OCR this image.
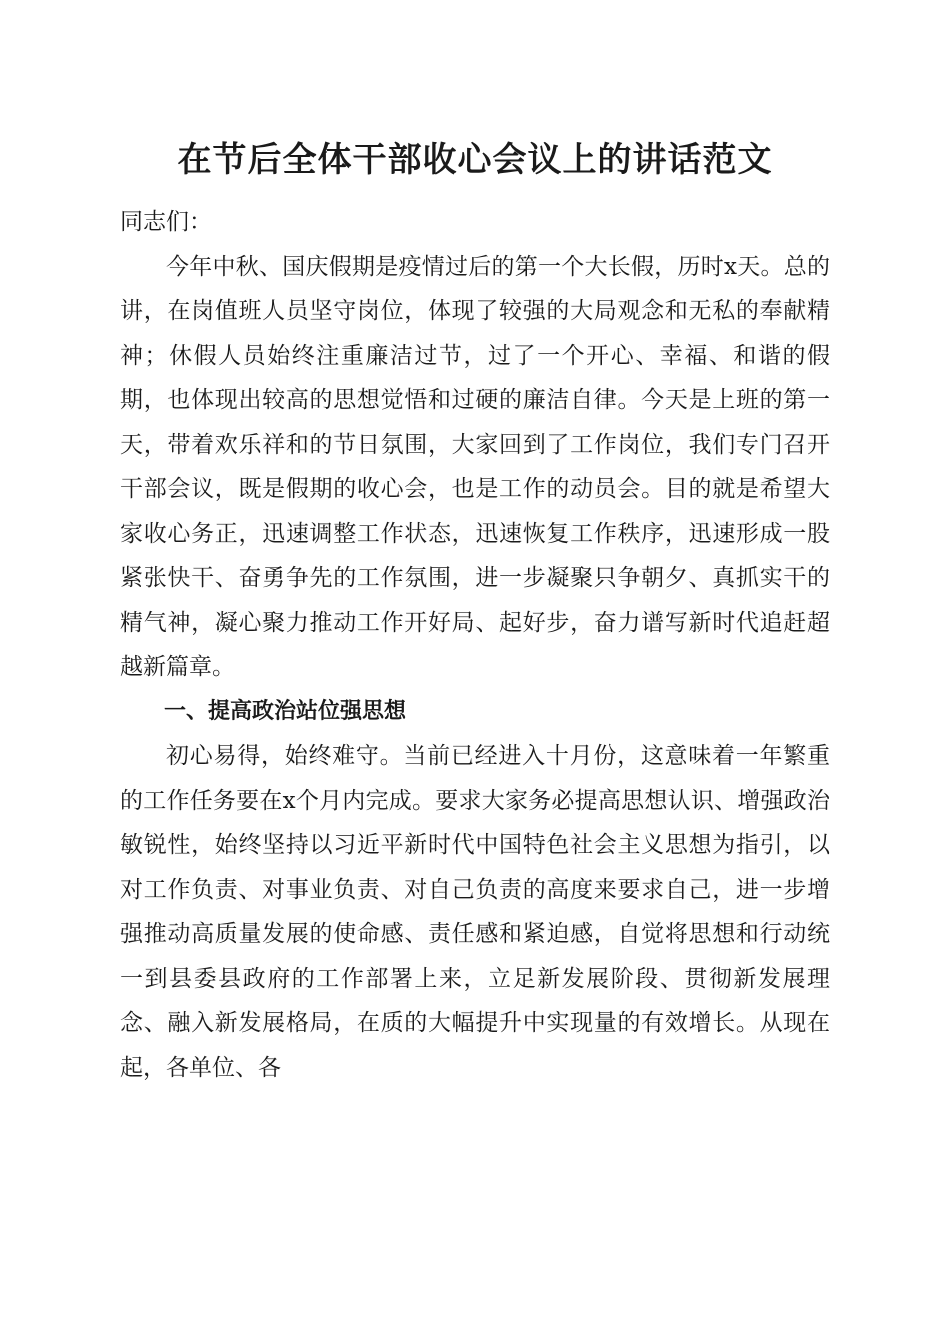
在节后全体干部收心会议上的讲话范文

同志们：

今年中秋、国庆假期是疫情过后的第一个大长假，历时x天。总的讲，在岗值班人员坚守岗位，体现了较强的大局观念和无私的奉献精神；休假人员始终注重廉洁过节，过了一个开心、幸福、和谐的假期，也体现出较高的思想觉悟和过硬的廉洁自律。今天是上班的第一天，带着欢乐祥和的节日氛围，大家回到了工作岗位，我们专门召开干部会议，既是假期的收心会，也是工作的动员会。目的就是希望大家收心务正，迅速调整工作状态，迅速恢复工作秩序，迅速形成一股紧张快干、奋勇争先的工作氛围，进一步凝聚只争朝夕、真抓实干的精气神，凝心聚力推动工作开好局、起好步，奋力谱写新时代追赶超越新篇章。

一、提高政治站位强思想

初心易得，始终难守。当前已经进入十月份，这意味着一年繁重的工作任务要在x个月内完成。要求大家务必提高思想认识、增强政治敏锐性，始终坚持以习近平新时代中国特色社会主义思想为指引，以对工作负责、对事业负责、对自己负责的高度来要求自己，进一步增强推动高质量发展的使命感、责任感和紧迫感，自觉将思想和行动统一到县委县政府的工作部署上来，立足新发展阶段、贯彻新发展理念、融入新发展格局，在质的大幅提升中实现量的有效增长。从现在起，各单位、各
